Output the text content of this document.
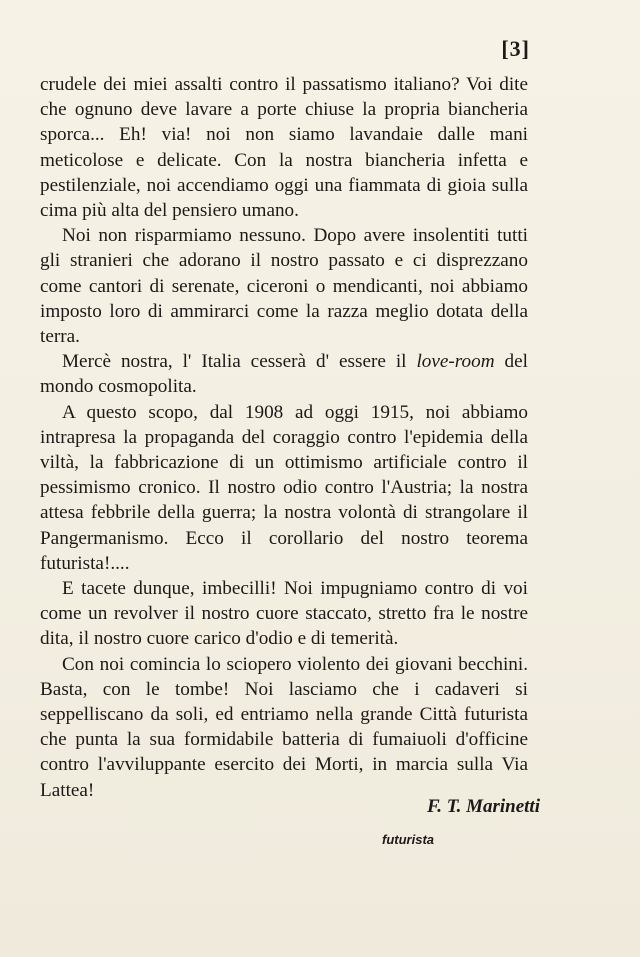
[3]

crudele dei miei assalti contro il passatismo italiano? Voi dite che ognuno deve lavare a porte chiuse la propria biancheria sporca... Eh! via! noi non siamo lavandaie dalle mani meticolose e delicate. Con la nostra biancheria infetta e pestilenziale, noi accendiamo oggi una fiammata di gioia sulla cima più alta del pensiero umano.

Noi non risparmiamo nessuno. Dopo avere insolentiti tutti gli stranieri che adorano il nostro passato e ci disprezzano come cantori di serenate, ciceroni o mendicanti, noi abbiamo imposto loro di ammirarci come la razza meglio dotata della terra.

Mercè nostra, l' Italia cesserà d' essere il love-room del mondo cosmopolita.

A questo scopo, dal 1908 ad oggi 1915, noi abbiamo intrapresa la propaganda del coraggio contro l'epidemia della viltà, la fabbricazione di un ottimismo artificiale contro il pessimismo cronico. Il nostro odio contro l'Austria; la nostra attesa febbrile della guerra; la nostra volontà di strangolare il Pangermanismo. Ecco il corollario del nostro teorema futurista!....

E tacete dunque, imbecilli! Noi impugniamo contro di voi come un revolver il nostro cuore staccato, stretto fra le nostre dita, il nostro cuore carico d'odio e di temerità.

Con noi comincia lo sciopero violento dei giovani becchini. Basta, con le tombe! Noi lasciamo che i cadaveri si seppelliscano da soli, ed entriamo nella grande Città futurista che punta la sua formidabile batteria di fumaiuoli d'officine contro l'avviluppante esercito dei Morti, in marcia sulla Via Lattea!

F. T. Marinetti
futurista
